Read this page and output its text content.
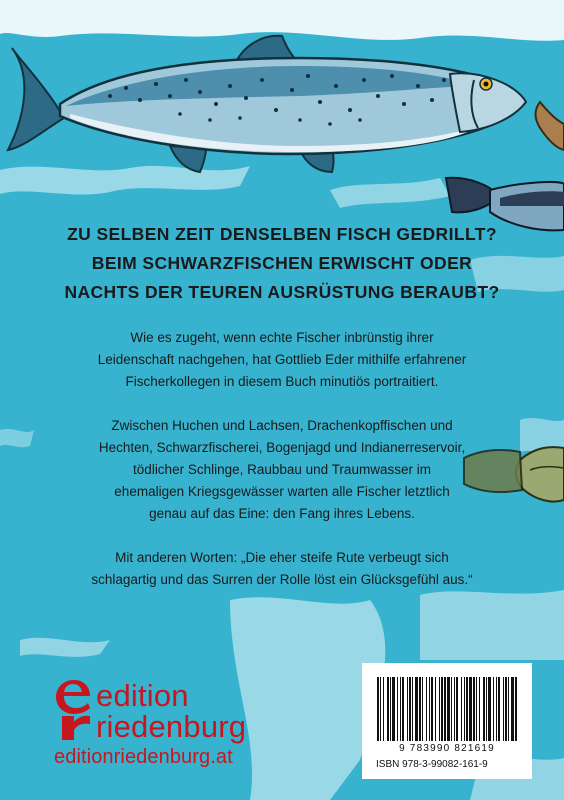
ZU SELBEN ZEIT DENSELBEN FISCH GEDRILLT?
BEIM SCHWARZFISCHEN ERWISCHT ODER
NACHTS DER TEUREN AUSRÜSTUNG BERAUBT?
Wie es zugeht, wenn echte Fischer inbrünstig ihrer
Leidenschaft nachgehen, hat Gottlieb Eder mithilfe erfahrener
Fischerkollegen in diesem Buch minutiös portraitiert.
Zwischen Huchen und Lachsen, Drachenkopffischen und
Hechten, Schwarzfischerei, Bogenjagd und Indianerreservoir,
tödlicher Schlinge, Raubbau und Traumwasser im
ehemaligen Kriegsgewässer warten alle Fischer letztlich
genau auf das Eine: den Fang ihres Lebens.
Mit anderen Worten: „Die eher steife Rute verbeugt sich
schlagartig und das Surren der Rolle löst ein Glücksgefühl aus.“
edition
riedenburg
editionriedenburg.at	9 783990 821619
ISBN 978-3-99082-161-9
